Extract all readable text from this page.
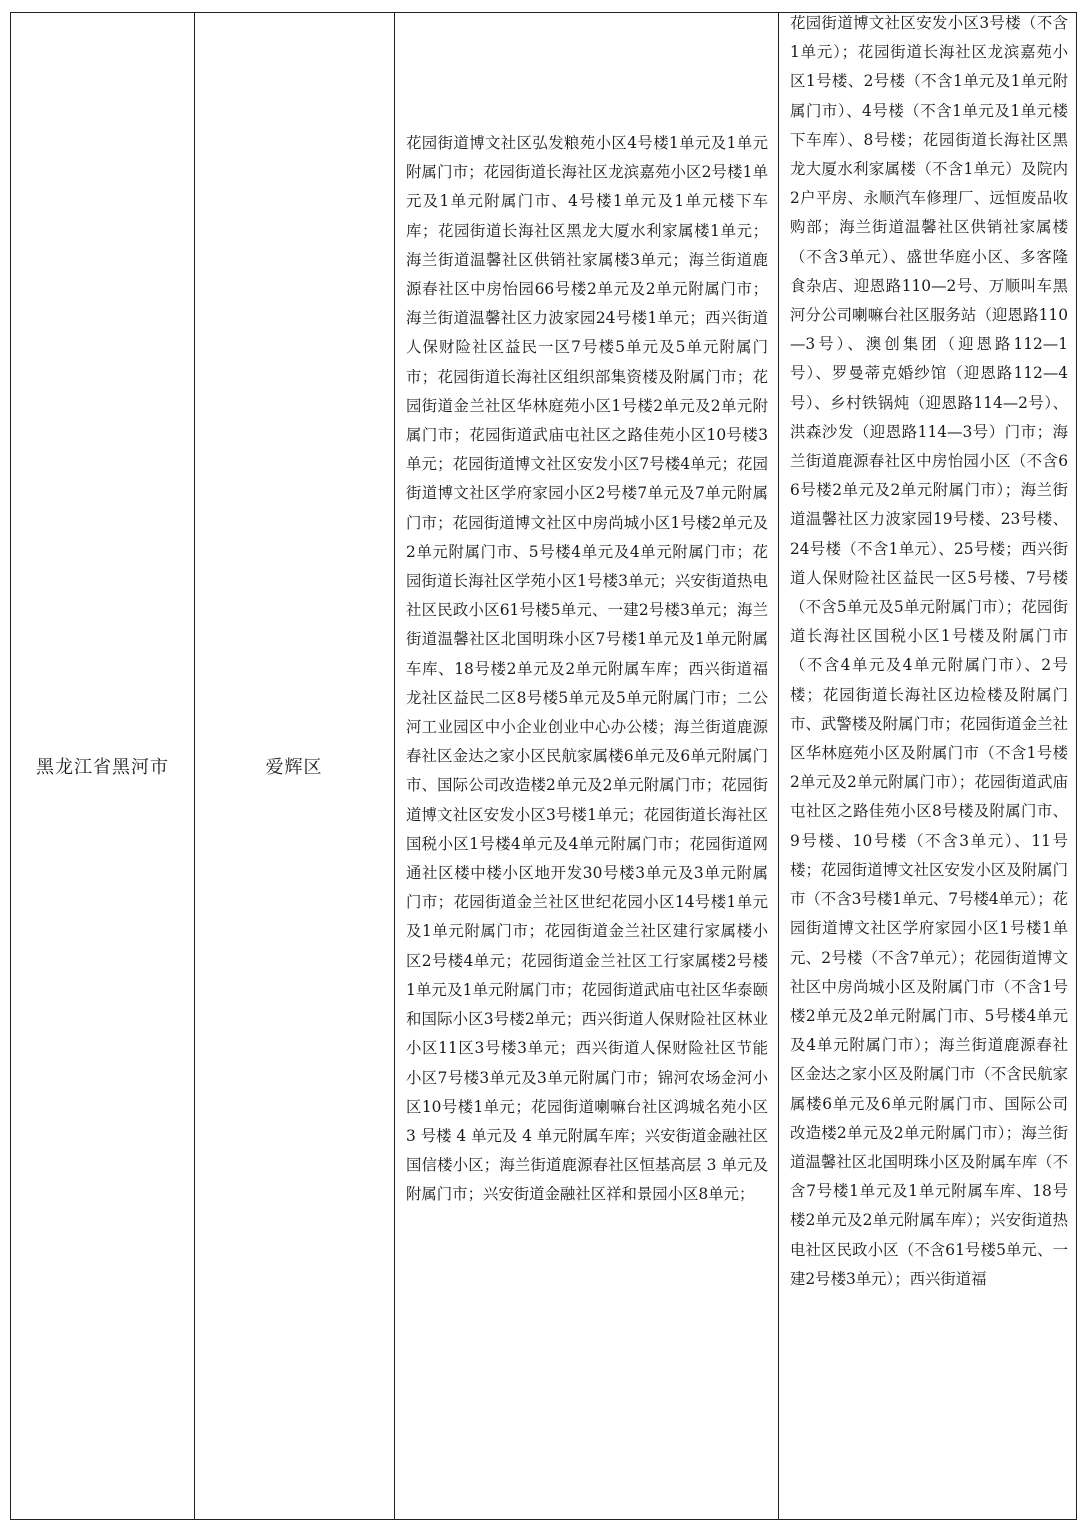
黑龙江省黑河市	爱辉区
花园街道博文社区弘发粮苑小区4号楼1单元及1单元附属门市；花园街道长海社区龙滨嘉苑小区2号楼1单元及1单元附属门市、4号楼1单元及1单元楼下车库；花园街道长海社区黑龙大厦水利家属楼1单元；海兰街道温馨社区供销社家属楼3单元；海兰街道鹿源春社区中房怡园66号楼2单元及2单元附属门市；海兰街道温馨社区力波家园24号楼1单元；西兴街道人保财险社区益民一区7号楼5单元及5单元附属门市；花园街道长海社区组织部集资楼及附属门市；花园街道金兰社区华林庭苑小区1号楼2单元及2单元附属门市；花园街道武庙屯社区之路佳苑小区10号楼3单元；花园街道博文社区安发小区7号楼4单元；花园街道博文社区学府家园小区2号楼7单元及7单元附属门市；花园街道博文社区中房尚城小区1号楼2单元及2单元附属门市、5号楼4单元及4单元附属门市；花园街道长海社区学苑小区1号楼3单元；兴安街道热电社区民政小区61号楼5单元、一建2号楼3单元；海兰街道温馨社区北国明珠小区7号楼1单元及1单元附属车库、18号楼2单元及2单元附属车库；西兴街道福龙社区益民二区8号楼5单元及5单元附属门市；二公河工业园区中小企业创业中心办公楼；海兰街道鹿源春社区金达之家小区民航家属楼6单元及6单元附属门市、国际公司改造楼2单元及2单元附属门市；花园街道博文社区安发小区3号楼1单元；花园街道长海社区国税小区1号楼4单元及4单元附属门市；花园街道网通社区楼中楼小区地开发30号楼3单元及3单元附属门市；花园街道金兰社区世纪花园小区14号楼1单元及1单元附属门市；花园街道金兰社区建行家属楼小区2号楼4单元；花园街道金兰社区工行家属楼2号楼1单元及1单元附属门市；花园街道武庙屯社区华泰颐和国际小区3号楼2单元；西兴街道人保财险社区林业小区11区3号楼3单元；西兴街道人保财险社区节能小区7号楼3单元及3单元附属门市；锦河农场金河小区10号楼1单元；花园街道喇嘛台社区鸿城名苑小区 3 号楼 4 单元及 4 单元附属车库；兴安街道金融社区国信楼小区；海兰街道鹿源春社区恒基高层 3 单元及附属门市；兴安街道金融社区祥和景园小区8单元；
花园街道博文社区安发小区3号楼（不含1单元）；花园街道长海社区龙滨嘉苑小区1号楼、2号楼（不含1单元及1单元附属门市）、4号楼（不含1单元及1单元楼下车库）、8号楼；花园街道长海社区黑龙大厦水利家属楼（不含1单元）及院内2户平房、永顺汽车修理厂、远恒废品收购部；海兰街道温馨社区供销社家属楼（不含3单元）、盛世华庭小区、多客隆食杂店、迎恩路110—2号、万顺叫车黑河分公司喇嘛台社区服务站（迎恩路110—3号）、澳创集团（迎恩路112—1号）、罗曼蒂克婚纱馆（迎恩路112—4号）、乡村铁锅炖（迎恩路114—2号）、洪森沙发（迎恩路114—3号）门市；海兰街道鹿源春社区中房怡园小区（不含66号楼2单元及2单元附属门市）；海兰街道温馨社区力波家园19号楼、23号楼、24号楼（不含1单元）、25号楼；西兴街道人保财险社区益民一区5号楼、7号楼（不含5单元及5单元附属门市）；花园街道长海社区国税小区1号楼及附属门市（不含4单元及4单元附属门市）、2号楼；花园街道长海社区边检楼及附属门市、武警楼及附属门市；花园街道金兰社区华林庭苑小区及附属门市（不含1号楼2单元及2单元附属门市）；花园街道武庙屯社区之路佳苑小区8号楼及附属门市、9号楼、10号楼（不含3单元）、11号楼；花园街道博文社区安发小区及附属门市（不含3号楼1单元、7号楼4单元）；花园街道博文社区学府家园小区1号楼1单元、2号楼（不含7单元）；花园街道博文社区中房尚城小区及附属门市（不含1号楼2单元及2单元附属门市、5号楼4单元及4单元附属门市）；海兰街道鹿源春社区金达之家小区及附属门市（不含民航家属楼6单元及6单元附属门市、国际公司改造楼2单元及2单元附属门市）；海兰街道温馨社区北国明珠小区及附属车库（不含7号楼1单元及1单元附属车库、18号楼2单元及2单元附属车库）；兴安街道热电社区民政小区（不含61号楼5单元、一建2号楼3单元）；西兴街道福
